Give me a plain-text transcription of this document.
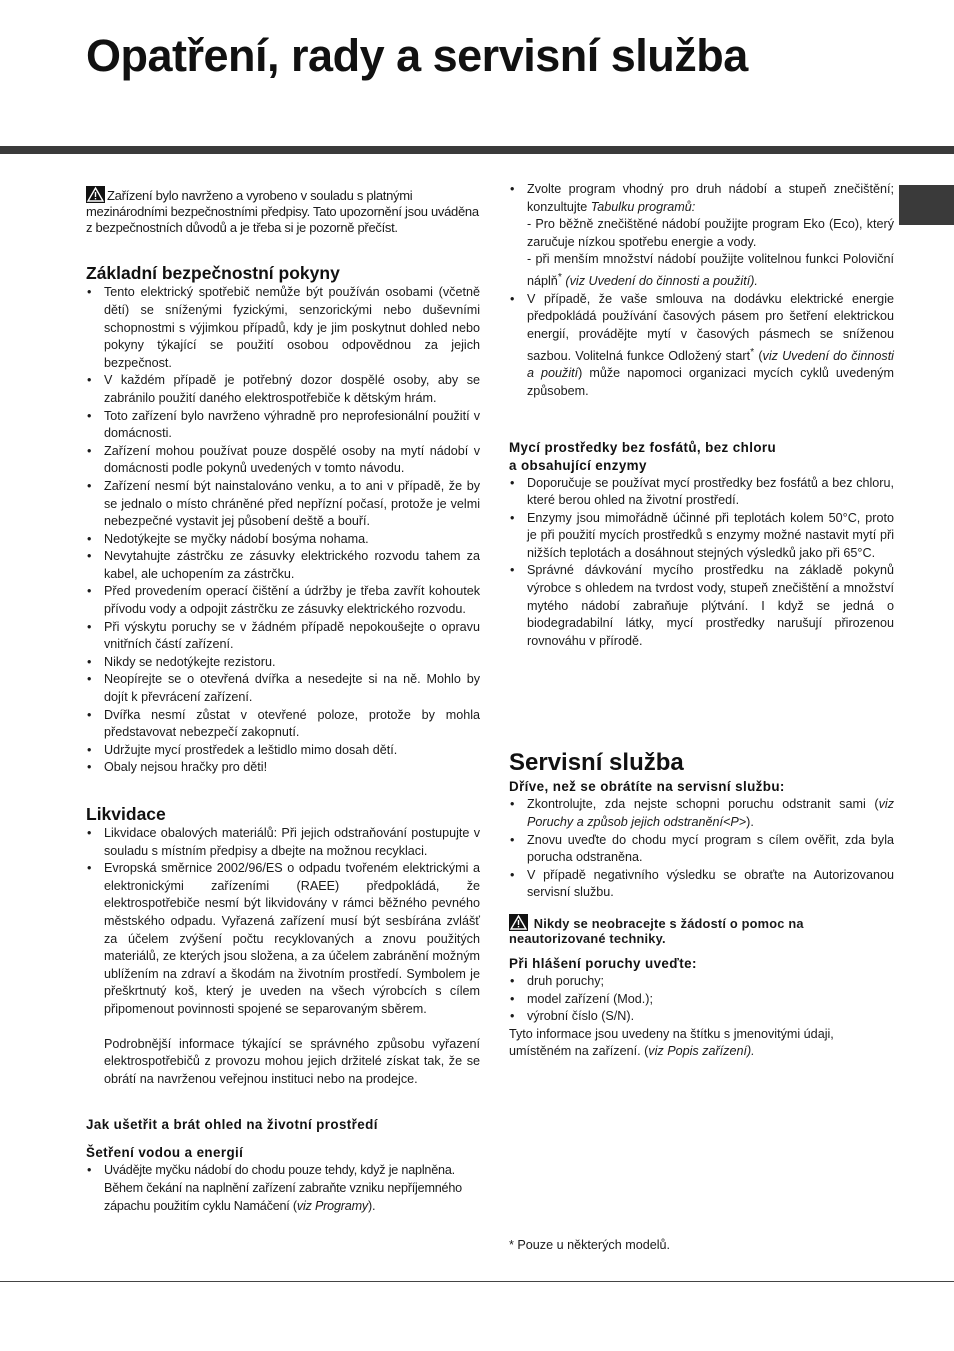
Opatření, rady a servisní služba

Zařízení bylo navrženo a vyrobeno v souladu s platnými mezinárodními bezpečnostními předpisy. Tato upozornění jsou uváděna z bezpečnostních důvodů a je třeba si je pozorně přečíst.

Základní bezpečnostní pokyny
• Tento elektrický spotřebič nemůže být používán osobami (včetně dětí) se sníženými fyzickými, senzorickými nebo duševními schopnostmi s výjimkou případů, kdy je jim poskytnut dohled nebo pokyny týkající se použití osobou odpovědnou za jejich bezpečnost.
• V každém případě je potřebný dozor dospělé osoby, aby se zabránilo použití daného elektrospotřebiče k dětským hrám.
• Toto zařízení bylo navrženo výhradně pro neprofesionální použití v domácnosti.
• Zařízení mohou používat pouze dospělé osoby na mytí nádobí v domácnosti podle pokynů uvedených v tomto návodu.
• Zařízení nesmí být nainstalováno venku, a to ani v případě, že by se jednalo o místo chráněné před nepřízní počasí, protože je velmi nebezpečné vystavit jej působení deště a bouří.
• Nedotýkejte se myčky nádobí bosýma nohama.
• Nevytahujte zástrčku ze zásuvky elektrického rozvodu tahem za kabel, ale uchopením za zástrčku.
• Před provedením operací čištění a údržby je třeba zavřít kohoutek přívodu vody a odpojit zástrčku ze zásuvky elektrického rozvodu.
• Při výskytu poruchy se v žádném případě nepokoušejte o opravu vnitřních částí zařízení.
• Nikdy se nedotýkejte rezistoru.
• Neopírejte se o otevřená dvířka a nesedejte si na ně. Mohlo by dojít k převrácení zařízení.
• Dvířka nesmí zůstat v otevřené poloze, protože by mohla představovat nebezpečí zakopnutí.
• Udržujte mycí prostředek a leštidlo mimo dosah dětí.
• Obaly nejsou hračky pro děti!
Likvidace
• Likvidace obalových materiálů: Při jejich odstraňování postupujte v souladu s místním předpisy a dbejte na možnou recyklaci.
• Evropská směrnice 2002/96/ES o odpadu tvořeném elektrickými a elektronickými zařízeními (RAEE) předpokládá, že elektrospotřebiče nesmí být likvidovány v rámci běžného pevného městského odpadu. Vyřazená zařízení musí být sesbírána zvlášť za účelem zvýšení počtu recyklovaných a znovu použitých materiálů, ze kterých jsou složena, a za účelem zabránění možným ublížením na zdraví a škodám na životním prostředí. Symbolem je přeškrtnutý koš, který je uveden na všech výrobcích s cílem připomenout povinnosti spojené se separovaným sběrem.
Podrobnější informace týkající se správného způsobu vyřazení elektrospotřebičů z provozu mohou jejich držitelé získat tak, že se obrátí na navrženou veřejnou instituci nebo na prodejce.
Jak ušetřit a brát ohled na životní prostředí
Šetření vodou a energií
• Uvádějte myčku nádobí do chodu pouze tehdy, když je naplněna. Během čekání na naplnění zařízení zabraňte vzniku nepříjemného zápachu použitím cyklu Namáčení (viz Programy).
• Zvolte program vhodný pro druh nádobí a stupeň znečištění; konzultujte Tabulku programů:
- Pro běžně znečištěné nádobí použijte program Eko (Eco), který zaručuje nízkou spotřebu energie a vody.
- při menším množství nádobí použijte volitelnou funkci Poloviční náplň* (viz Uvedení do činnosti a použití).
• V případě, že vaše smlouva na dodávku elektrické energie předpokládá používání časových pásem pro šetření elektrickou energií, provádějte mytí v časových pásmech se sníženou sazbou. Volitelná funkce Odložený start* (viz Uvedení do činnosti a použití) může napomoci organizaci mycích cyklů uvedeným způsobem.
Mycí prostředky bez fosfátů, bez chloru
a obsahující enzymy
• Doporučuje se používat mycí prostředky bez fosfátů a bez chloru, které berou ohled na životní prostředí.
• Enzymy jsou mimořádně účinné při teplotách kolem 50°C, proto je při použití mycích prostředků s enzymy možné nastavit mytí při nižších teplotách a dosáhnout stejných výsledků jako při 65°C.
• Správné dávkování mycího prostředku na základě pokynů výrobce s ohledem na tvrdost vody, stupeň znečištění a množství mytého nádobí zabraňuje plýtvání. I když se jedná o biodegradabilní látky, mycí prostředky narušují přirozenou rovnováhu v přírodě.
Servisní služba
Dříve, než se obrátíte na servisní službu:
• Zkontrolujte, zda nejste schopni poruchu odstranit sami (viz Poruchy a způsob jejich odstranění<P>).
• Znovu uveďte do chodu mycí program s cílem ověřit, zda byla porucha odstraněna.
• V případě negativního výsledku se obraťte na Autorizovanou servisní službu.

Nikdy se neobracejte s žádostí o pomoc na neautorizované techniky.

Při hlášení poruchy uveďte:
• druh poruchy;
• model zařízení (Mod.);
• výrobní číslo (S/N).

Tyto informace jsou uvedeny na štítku s jmenovitými údaji, umístěném na zařízení. (viz Popis zařízení).

* Pouze u některých modelů.
